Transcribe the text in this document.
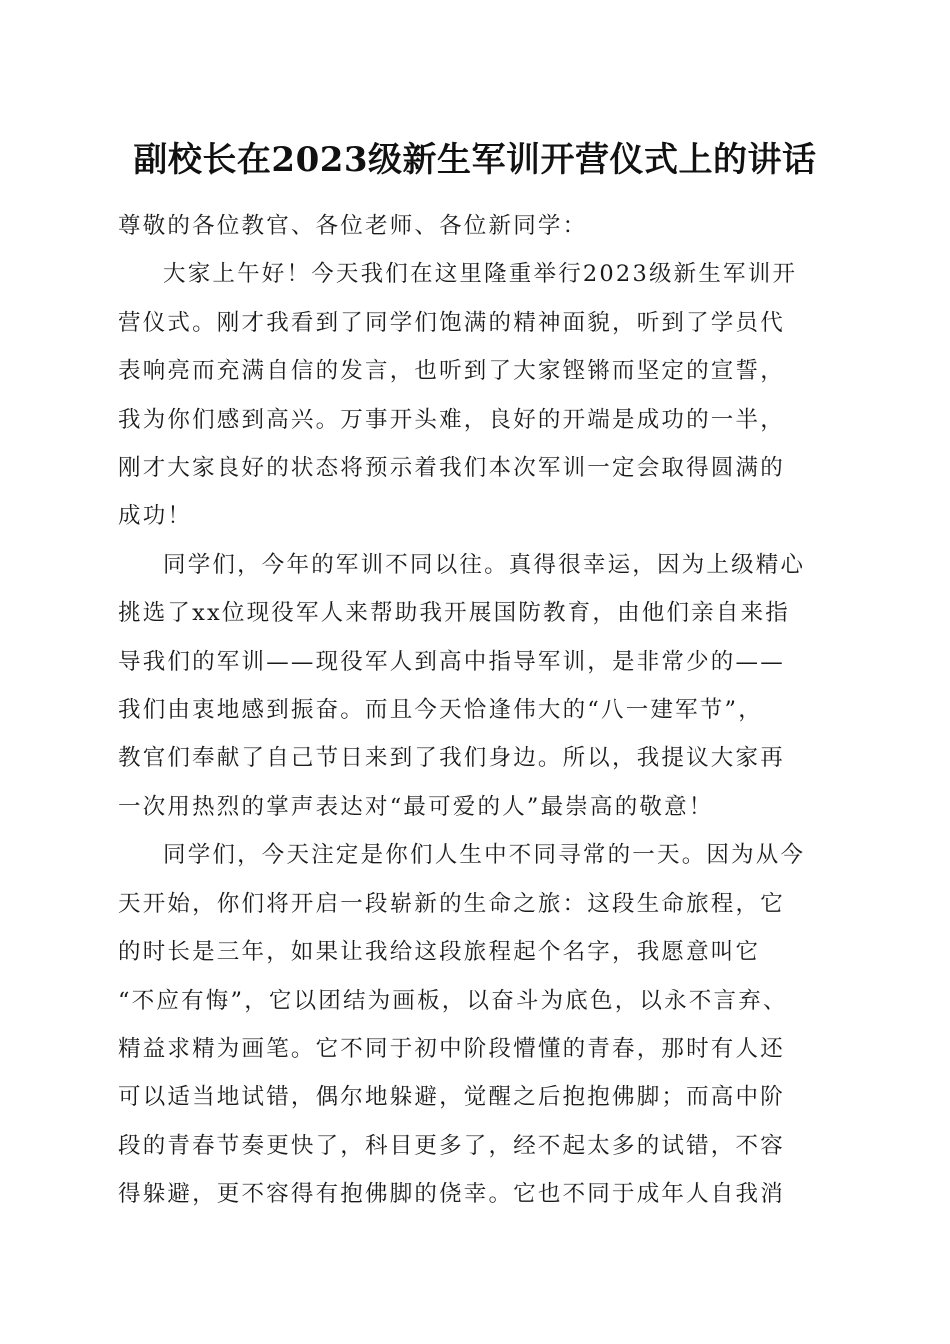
副校长在2023级新生军训开营仪式上的讲话

尊敬的各位教官、各位老师、各位新同学：

大家上午好！今天我们在这里隆重举行2023级新生军训开
营仪式。刚才我看到了同学们饱满的精神面貌，听到了学员代
表响亮而充满自信的发言，也听到了大家铿锵而坚定的宣誓，
我为你们感到高兴。万事开头难，良好的开端是成功的一半，
刚才大家良好的状态将预示着我们本次军训一定会取得圆满的
成功！

同学们，今年的军训不同以往。真得很幸运，因为上级精心
挑选了xx位现役军人来帮助我开展国防教育，由他们亲自来指
导我们的军训——现役军人到高中指导军训，是非常少的——
我们由衷地感到振奋。而且今天恰逢伟大的“八一建军节”，
教官们奉献了自己节日来到了我们身边。所以，我提议大家再
一次用热烈的掌声表达对“最可爱的人”最崇高的敬意！

同学们，今天注定是你们人生中不同寻常的一天。因为从今
天开始，你们将开启一段崭新的生命之旅：这段生命旅程，它
的时长是三年，如果让我给这段旅程起个名字，我愿意叫它
“不应有悔”，它以团结为画板，以奋斗为底色，以永不言弃、
精益求精为画笔。它不同于初中阶段懵懂的青春，那时有人还
可以适当地试错，偶尔地躲避，觉醒之后抱抱佛脚；而高中阶
段的青春节奏更快了，科目更多了，经不起太多的试错，不容
得躲避，更不容得有抱佛脚的侥幸。它也不同于成年人自我消
